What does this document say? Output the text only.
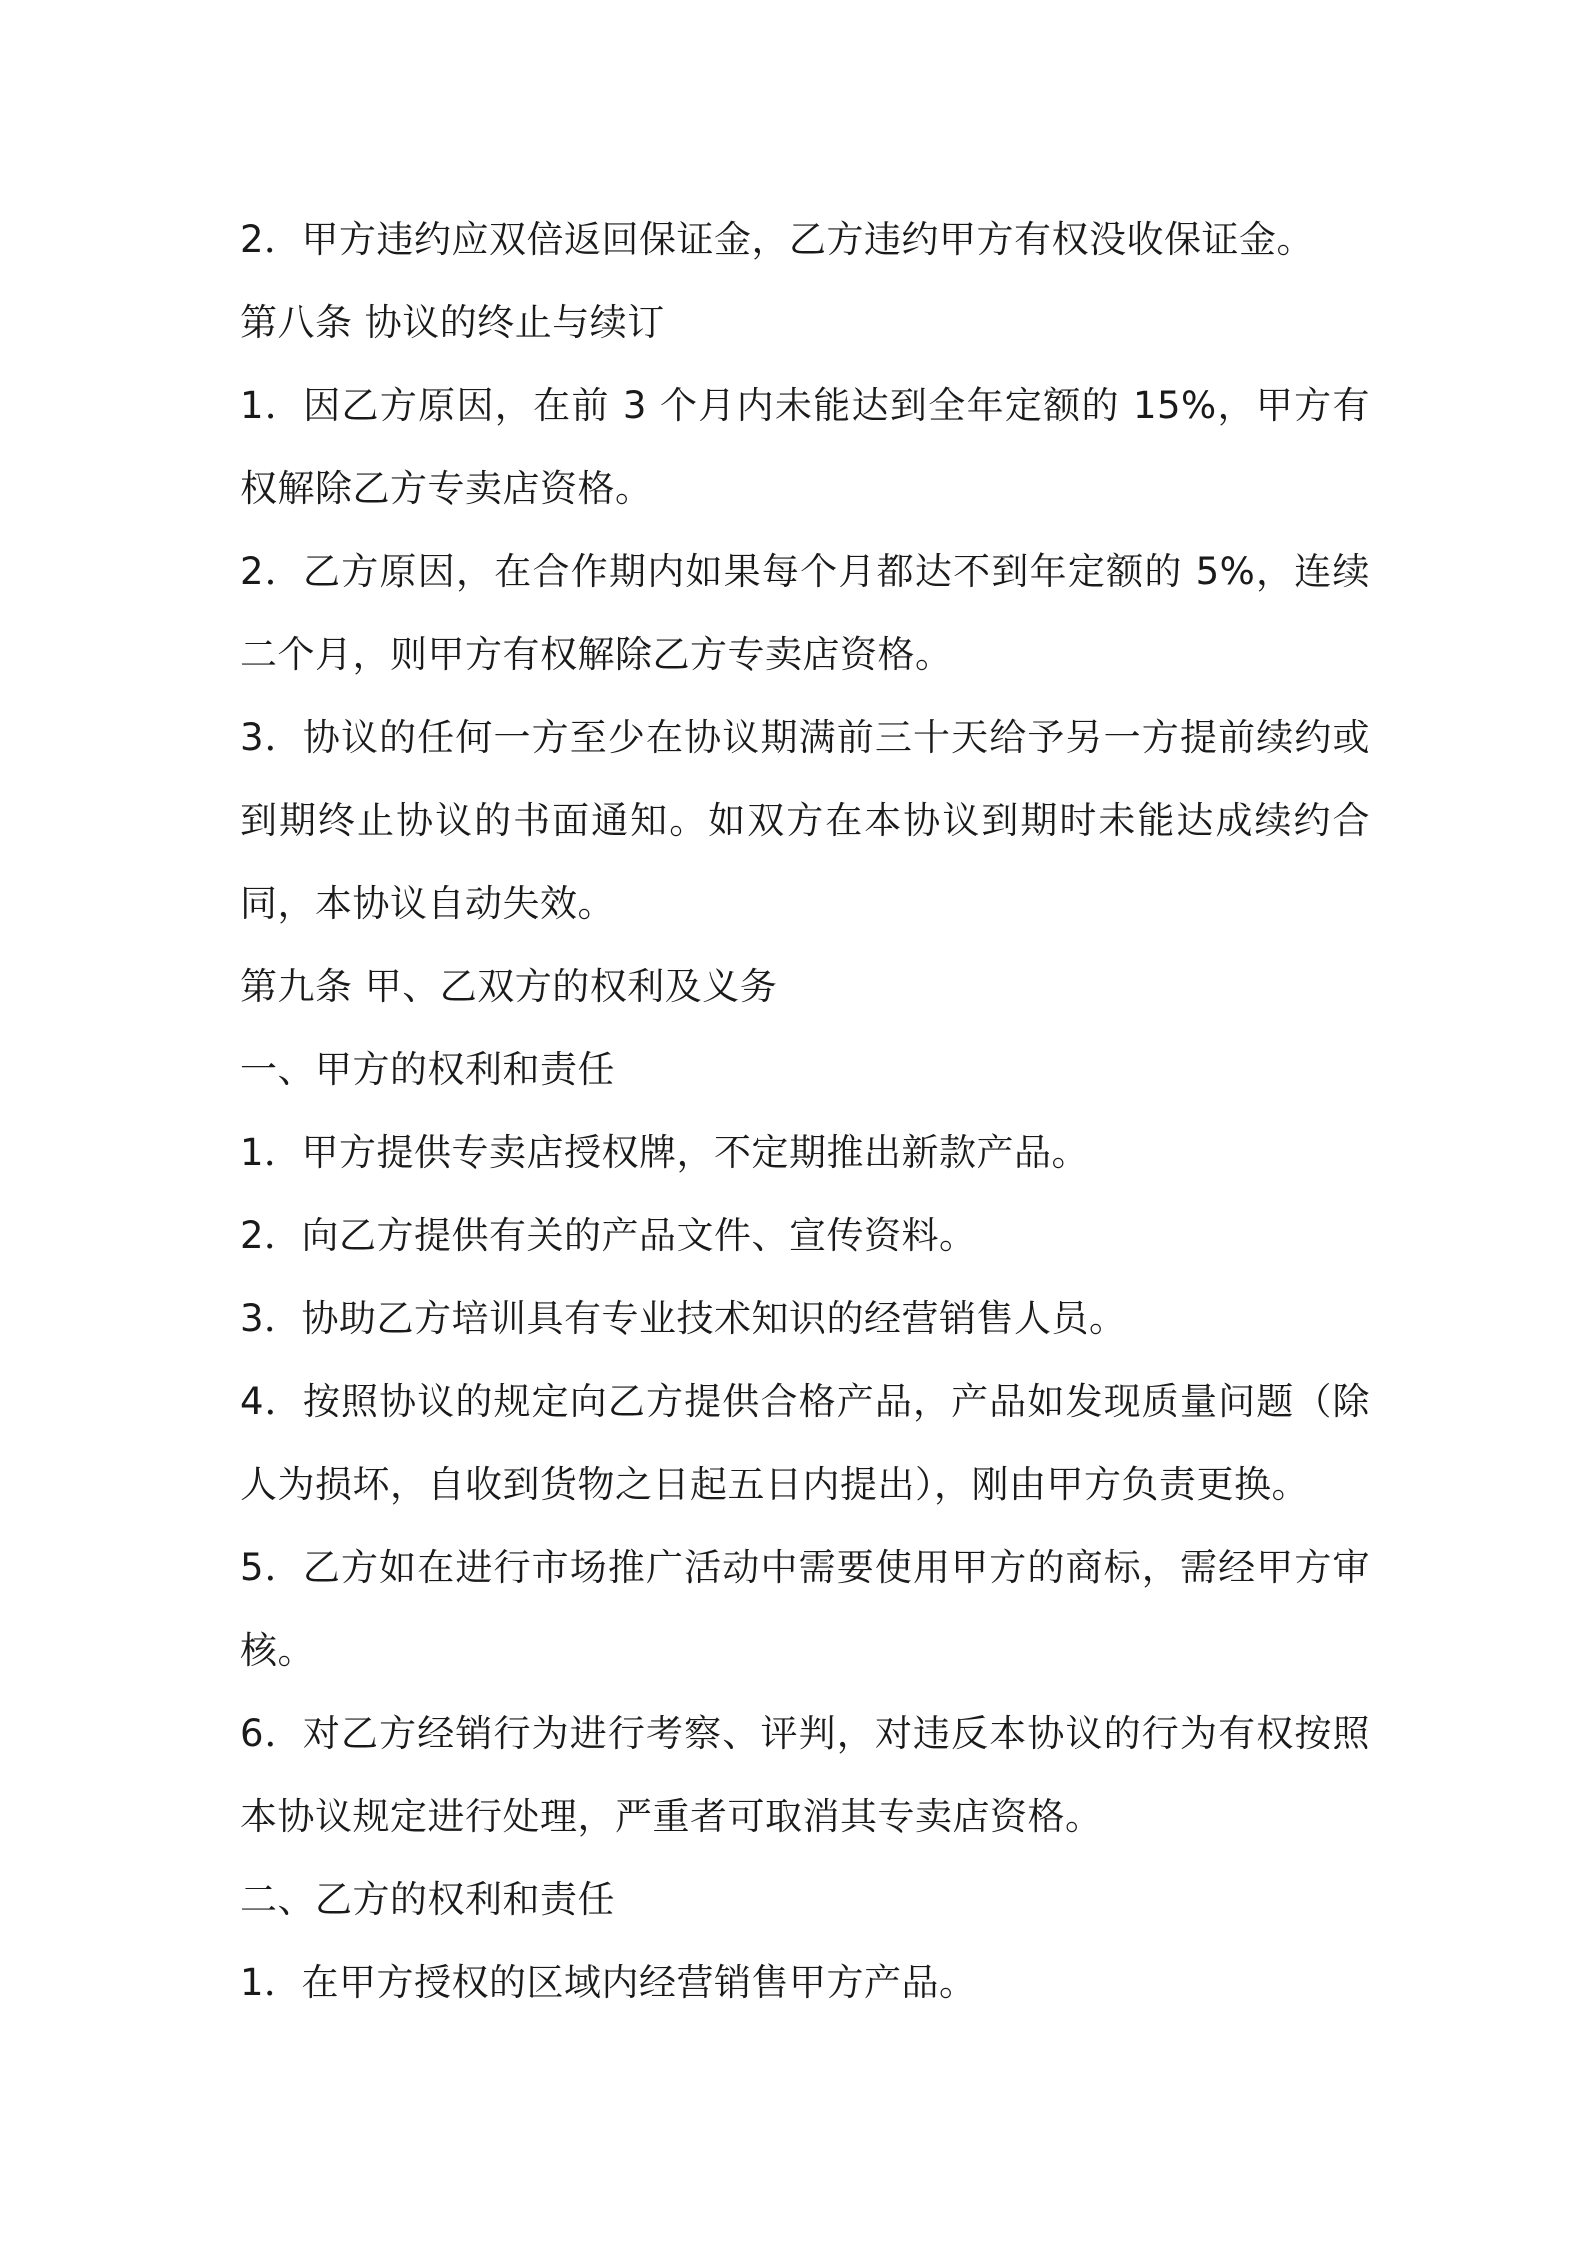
2．甲方违约应双倍返回保证金，乙方违约甲方有权没收保证金。

第八条 协议的终止与续订

1．因乙方原因，在前 3 个月内未能达到全年定额的 15%，甲方有权解除乙方专卖店资格。

2．乙方原因，在合作期内如果每个月都达不到年定额的 5%，连续二个月，则甲方有权解除乙方专卖店资格。

3．协议的任何一方至少在协议期满前三十天给予另一方提前续约或到期终止协议的书面通知。如双方在本协议到期时未能达成续约合同，本协议自动失效。

第九条 甲、乙双方的权利及义务

一、甲方的权利和责任

1．甲方提供专卖店授权牌，不定期推出新款产品。

2．向乙方提供有关的产品文件、宣传资料。

3．协助乙方培训具有专业技术知识的经营销售人员。

4．按照协议的规定向乙方提供合格产品，产品如发现质量问题（除人为损坏，自收到货物之日起五日内提出），刚由甲方负责更换。

5．乙方如在进行市场推广活动中需要使用甲方的商标，需经甲方审核。

6．对乙方经销行为进行考察、评判，对违反本协议的行为有权按照本协议规定进行处理，严重者可取消其专卖店资格。

二、乙方的权利和责任

1．在甲方授权的区域内经营销售甲方产品。
